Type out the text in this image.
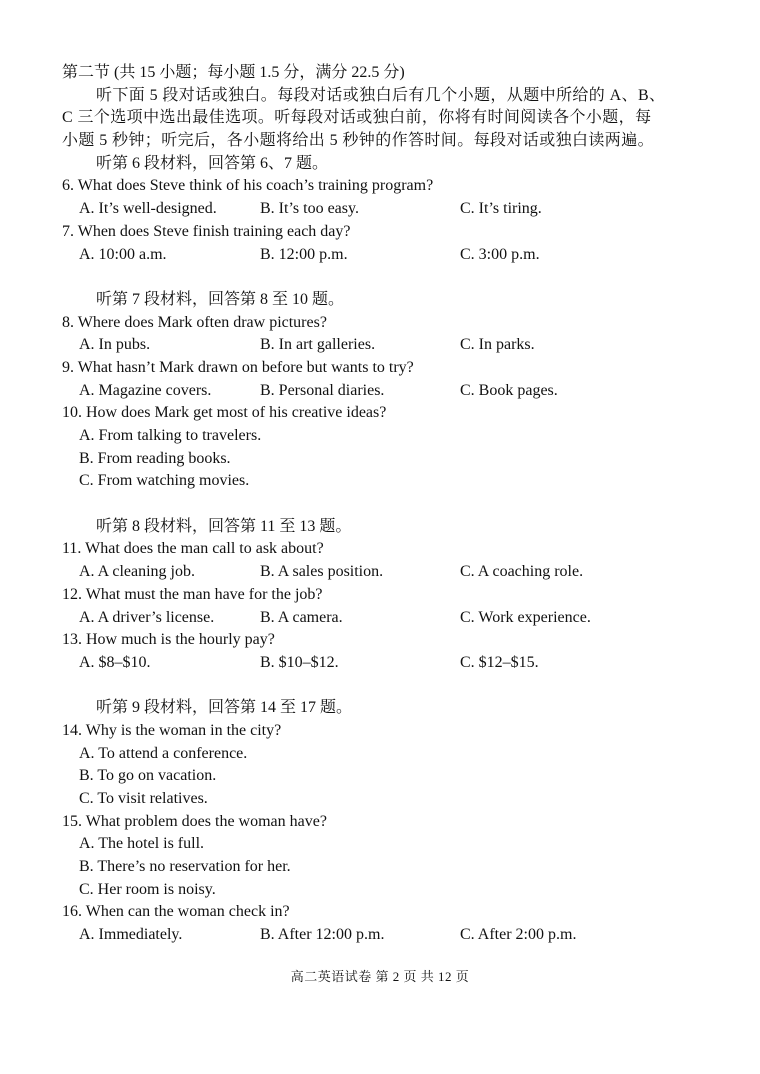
第二节 (共 15 小题；每小题 1.5 分，满分 22.5 分)
听下面 5 段对话或独白。每段对话或独白后有几个小题，从题中所给的 A、B、
C 三个选项中选出最佳选项。听每段对话或独白前，你将有时间阅读各个小题，每
小题 5 秒钟；听完后，各小题将给出 5 秒钟的作答时间。每段对话或独白读两遍。
听第 6 段材料，回答第 6、7 题。
6. What does Steve think of his coach’s training program?
A. It’s well-designed.	B. It’s too easy.	C. It’s tiring.
7. When does Steve finish training each day?
A. 10:00 a.m.	B. 12:00 p.m.	C. 3:00 p.m.
听第 7 段材料，回答第 8 至 10 题。
8. Where does Mark often draw pictures?
A. In pubs.	B. In art galleries.	C. In parks.
9. What hasn’t Mark drawn on before but wants to try?
A. Magazine covers.	B. Personal diaries.	C. Book pages.
10. How does Mark get most of his creative ideas?
A. From talking to travelers.
B. From reading books.
C. From watching movies.
听第 8 段材料，回答第 11 至 13 题。
11. What does the man call to ask about?
A. A cleaning job.	B. A sales position.	C. A coaching role.
12. What must the man have for the job?
A. A driver’s license.	B. A camera.	C. Work experience.
13. How much is the hourly pay?
A. $8–$10.	B. $10–$12.	C. $12–$15.
听第 9 段材料，回答第 14 至 17 题。
14. Why is the woman in the city?
A. To attend a conference.
B. To go on vacation.
C. To visit relatives.
15. What problem does the woman have?
A. The hotel is full.
B. There’s no reservation for her.
C. Her room is noisy.
16. When can the woman check in?
A. Immediately.	B. After 12:00 p.m.	C. After 2:00 p.m.
高二英语试卷 第 2 页 共 12 页
